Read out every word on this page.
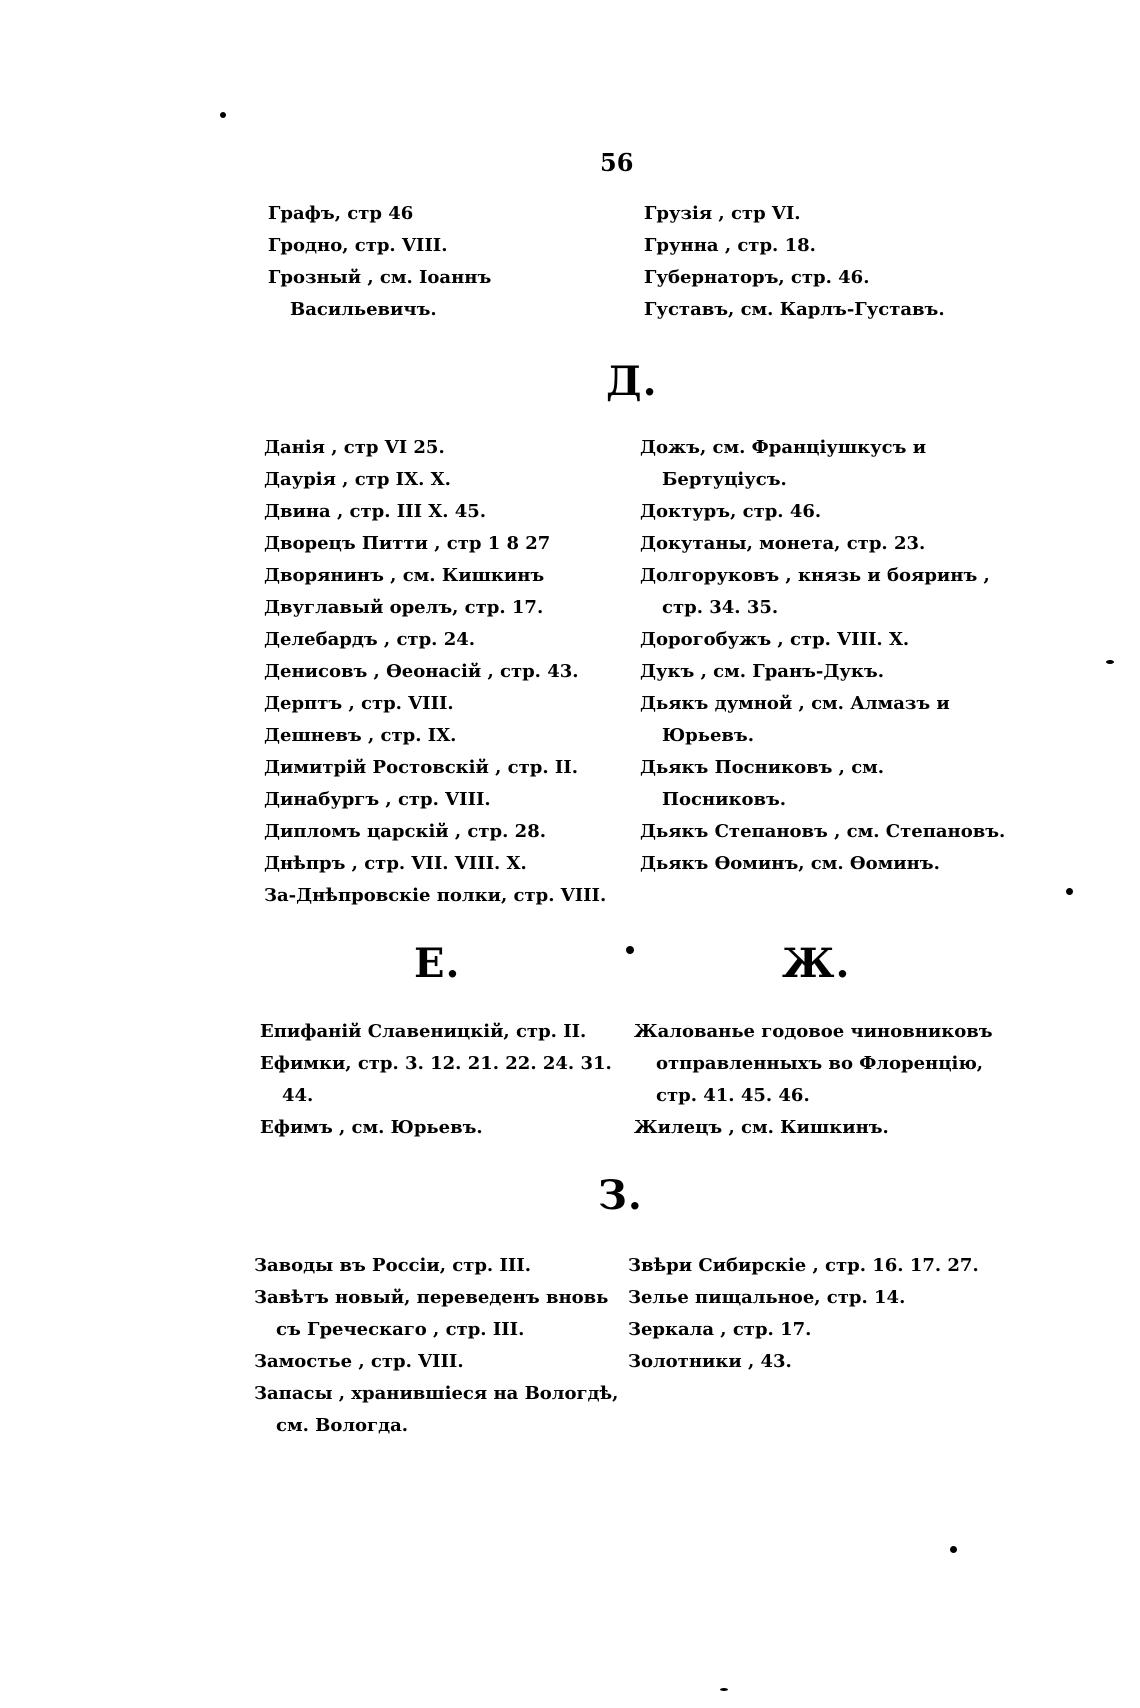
56
Графъ, стр 46
Гродно, стр. VIII.
Грозный , см. Іоаннъ Васильевичъ.
Грузія , стр VI.
Грунна , стр. 18.
Губернаторъ, стр. 46.
Густавъ, см. Карлъ-Густавъ.
Д.
Данія , стр VI 25.
Даурія , стр IX. X.
Двина , стр. III X. 45.
Дворецъ Питти , стр 1 8 27
Дворянинъ , см. Кишкинъ
Двуглавый орелъ, стр. 17.
Делебардъ , стр. 24.
Денисовъ , Өеонасій , стр. 43.
Дерптъ , стр. VIII.
Дешневъ , стр. IX.
Димитрій Ростовскій , стр. II.
Динабургъ , стр. VIII.
Дипломъ царскій , стр. 28.
Днѣпръ , стр. VII. VIII. X.
За-Днѣпровскіе полки, стр. VIII.
Дожъ, см. Франціушкусъ и Бертуцiусъ.
Доктуръ, стр. 46.
Докутаны, монета, стр. 23.
Долгоруковъ , князь и бояринъ , стр. 34. 35.
Дорогобужъ , стр. VIII. X.
Дукъ , см. Гранъ-Дукъ.
Дьякъ думной , см. Алмазъ и Юрьевъ.
Дьякъ Посниковъ , см. Посниковъ.
Дьякъ Степановъ , см. Степановъ.
Дьякъ Өоминъ, см. Өоминъ.
Е.	Ж.
Епифаній Славеницкій, стр. II.
Ефимки, стр. 3. 12. 21. 22. 24. 31. 44.
Ефимъ , см. Юрьевъ.
Жалованье годовое чиновниковъ отправленныхъ во Флоренцію, стр. 41. 45. 46.
Жилецъ , см. Кишкинъ.
З.
Заводы въ Россіи, стр. III.
Завѣтъ новый, переведенъ вновь съ Греческаго , стр. III.
Замостье , стр. VIII.
Запасы , хранившіеся на Вологдѣ, см. Вологда.
Звѣри Сибирскіе , стр. 16. 17. 27.
Зелье пищальное, стр. 14.
Зеркала , стр. 17.
Золотники , 43.
